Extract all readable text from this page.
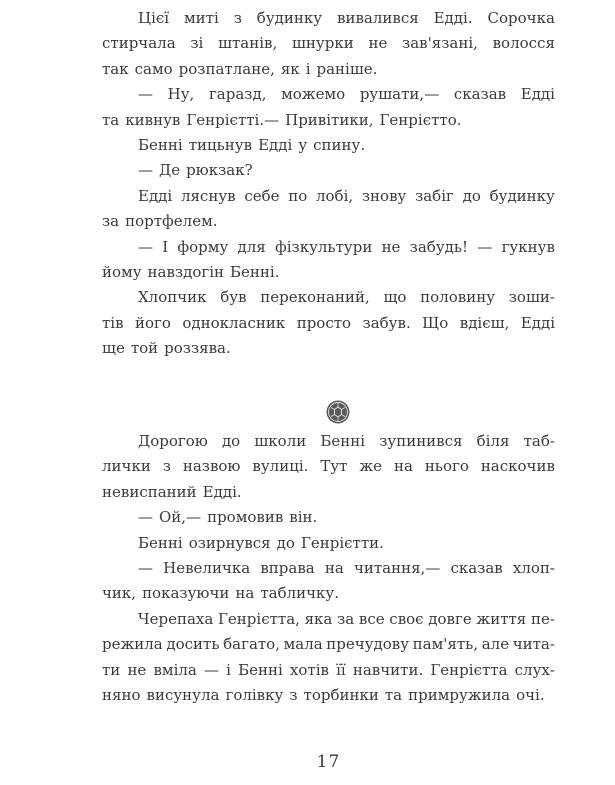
Цієї миті з будинку вивалився Едді. Сорочка
стирчала зі штанів, шнурки не зав'язані, волосся
так само розпатлане, як і раніше.
— Ну, гаразд, можемо рушати,— сказав Едді
та кивнув Генрієтті.— Привітики, Генрієтто.
Бенні тицьнув Едді у спину.
— Де рюкзак?
Едді ляснув себе по лобі, знову забіг до будинку
за портфелем.
— І форму для фізкультури не забудь! — гукнув
йому навздогін Бенні.
Хлопчик був переконаний, що половину зоши-
тів його однокласник просто забув. Що вдієш, Едді
ще той роззява.
Дорогою до школи Бенні зупинився біля таб-
лички з назвою вулиці. Тут же на нього наскочив
невиспаний Едді.
— Ой,— промовив він.
Бенні озирнувся до Генрієтти.
— Невеличка вправа на читання,— сказав хлоп-
чик, показуючи на табличку.
Черепаха Генрієтта, яка за все своє довге життя пе-
режила досить багато, мала пречудову пам'ять, але чита-
ти не вміла — і Бенні хотів її навчити. Генрієтта слух-
няно висунула голівку з торбинки та примружила очі.
17
